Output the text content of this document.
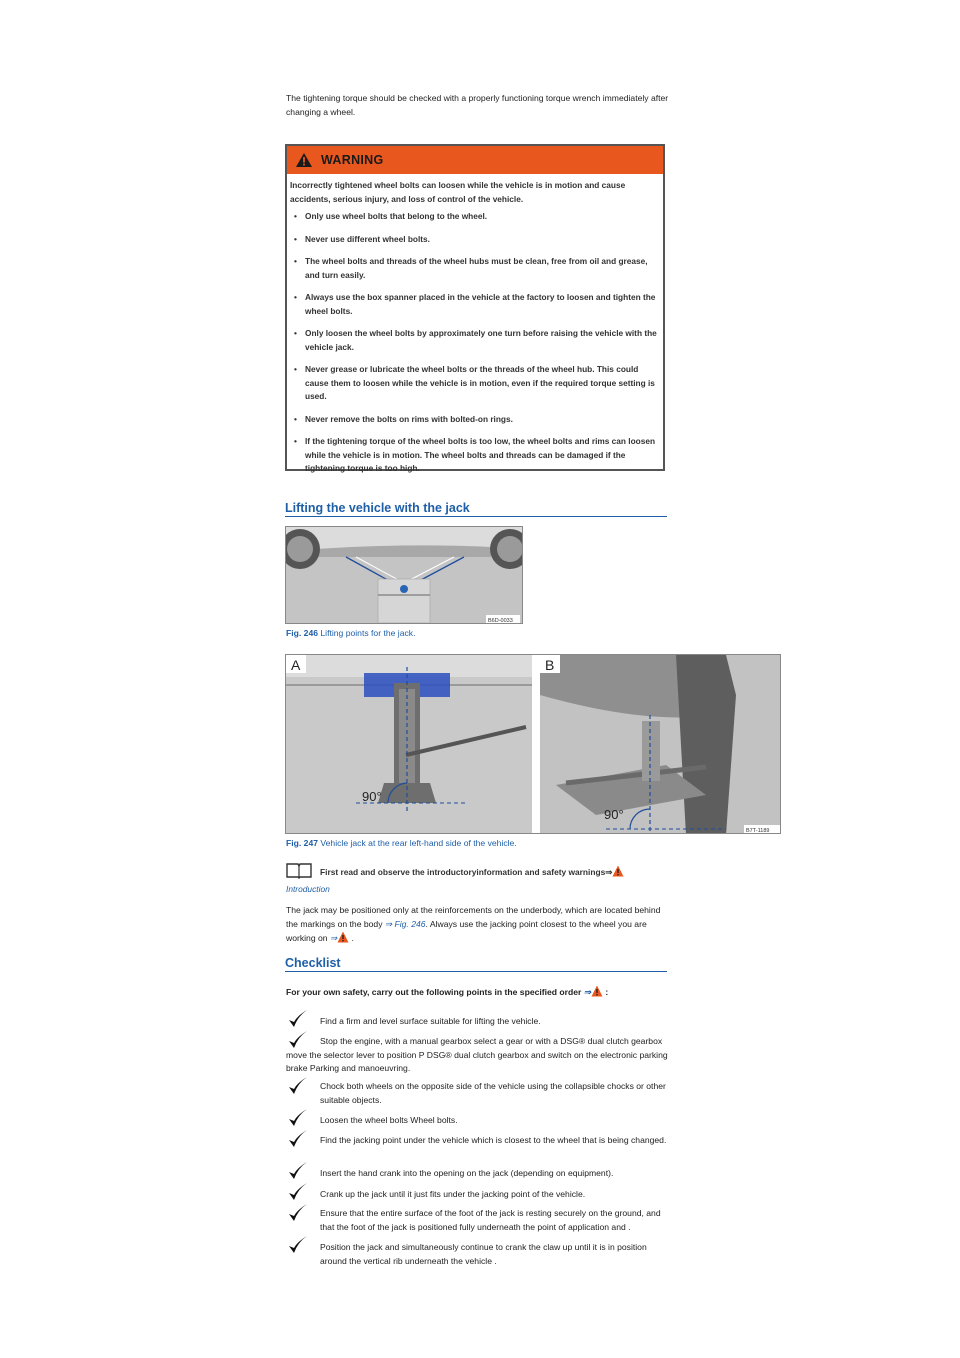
The tightening torque should be checked with a properly functioning torque wrench immediately after changing a wheel.
WARNING
Incorrectly tightened wheel bolts can loosen while the vehicle is in motion and cause accidents, serious injury, and loss of control of the vehicle.
• Only use wheel bolts that belong to the wheel.
• Never use different wheel bolts.
• The wheel bolts and threads of the wheel hubs must be clean, free from oil and grease, and turn easily.
• Always use the box spanner placed in the vehicle at the factory to loosen and tighten the wheel bolts.
• Only loosen the wheel bolts by approximately one turn before raising the vehicle with the vehicle jack.
• Never grease or lubricate the wheel bolts or the threads of the wheel hub. This could cause them to loosen while the vehicle is in motion, even if the required torque setting is used.
• Never remove the bolts on rims with bolted-on rings.
• If the tightening torque of the wheel bolts is too low, the wheel bolts and rims can loosen while the vehicle is in motion. The wheel bolts and threads can be damaged if the tightening torque is too high.
Lifting the vehicle with the jack
B6D-0033
Fig. 246 Lifting points for the jack.
A
90°
B
90°
B7T-1189
Fig. 247 Vehicle jack at the rear left-hand side of the vehicle.
First read and observe the introductoryinformation and safety warnings⇒
Introduction
The jack may be positioned only at the reinforcements on the underbody, which are located behind the markings on the body ⇒ Fig. 246. Always use the jacking point closest to the wheel you are working on ⇒ .
Checklist
For your own safety, carry out the following points in the specified order ⇒ :
Find a firm and level surface suitable for lifting the vehicle.
Stop the engine, with a manual gearbox select a gear or with a DSG® dual clutch gearbox move the selector lever to position P DSG® dual clutch gearbox and switch on the electronic parking brake Parking and manoeuvring.
Chock both wheels on the opposite side of the vehicle using the collapsible chocks or other suitable objects.
Loosen the wheel bolts Wheel bolts.
Find the jacking point under the vehicle which is closest to the wheel that is being changed.
Insert the hand crank into the opening on the jack (depending on equipment).
Crank up the jack until it just fits under the jacking point of the vehicle.
Ensure that the entire surface of the foot of the jack is resting securely on the ground, and that the foot of the jack is positioned fully underneath the point of application and .
Position the jack and simultaneously continue to crank the claw up until it is in position around the vertical rib underneath the vehicle .
